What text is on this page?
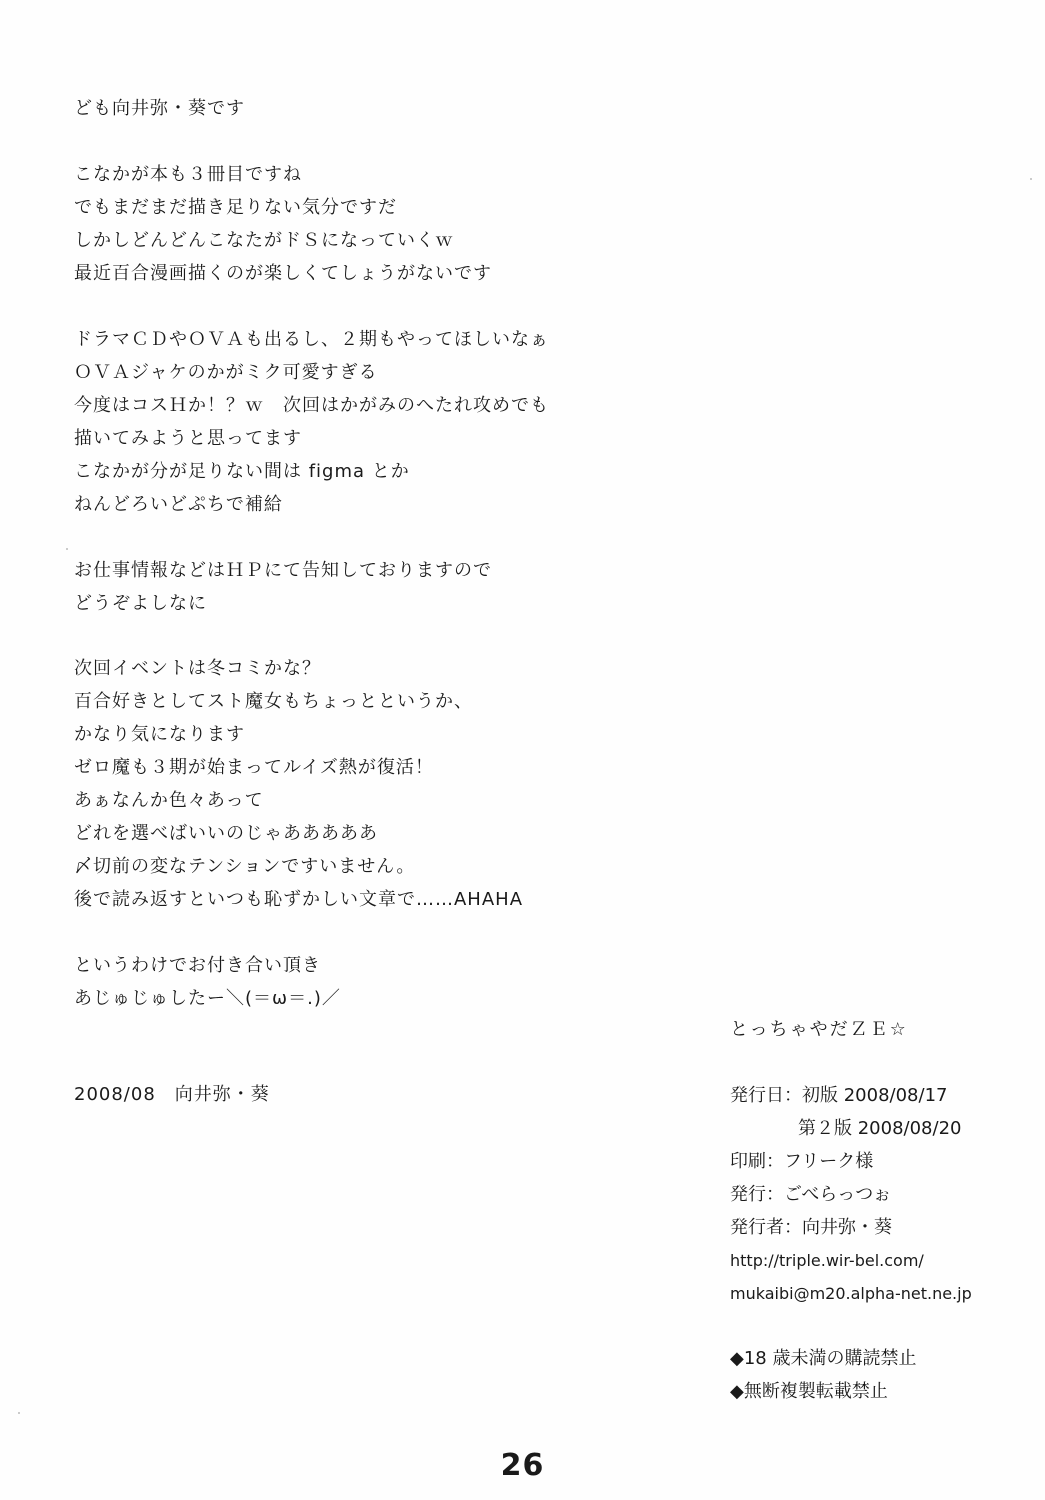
ども向井弥・葵です
こなかが本も３冊目ですね
でもまだまだ描き足りない気分ですだ
しかしどんどんこなたがドＳになっていくｗ
最近百合漫画描くのが楽しくてしょうがないです
ドラマＣＤやＯＶＡも出るし、２期もやってほしいなぁ
ＯＶＡジャケのかがミク可愛すぎる
今度はコスＨか！？ｗ　次回はかがみのへたれ攻めでも
描いてみようと思ってます
こなかが分が足りない間は figma とか
ねんどろいどぷちで補給
お仕事情報などはＨＰにて告知しておりますので
どうぞよしなに
次回イベントは冬コミかな？
百合好きとしてスト魔女もちょっとというか、
かなり気になります
ゼロ魔も３期が始まってルイズ熱が復活！
あぁなんか色々あって
どれを選べばいいのじゃあああああ
〆切前の変なテンションですいません。
後で読み返すといつも恥ずかしい文章で……AHAHA
というわけでお付き合い頂き
あじゅじゅしたー＼(＝ω＝.)／
2008/08　向井弥・葵
とっちゃやだＺＥ☆
発行日：初版 2008/08/17
第２版 2008/08/20
印刷：フリーク様
発行：ごべらっつぉ
発行者：向井弥・葵
http://triple.wir-bel.com/
mukaibi@m20.alpha-net.ne.jp
◆18 歳未満の購読禁止
◆無断複製転載禁止
26
